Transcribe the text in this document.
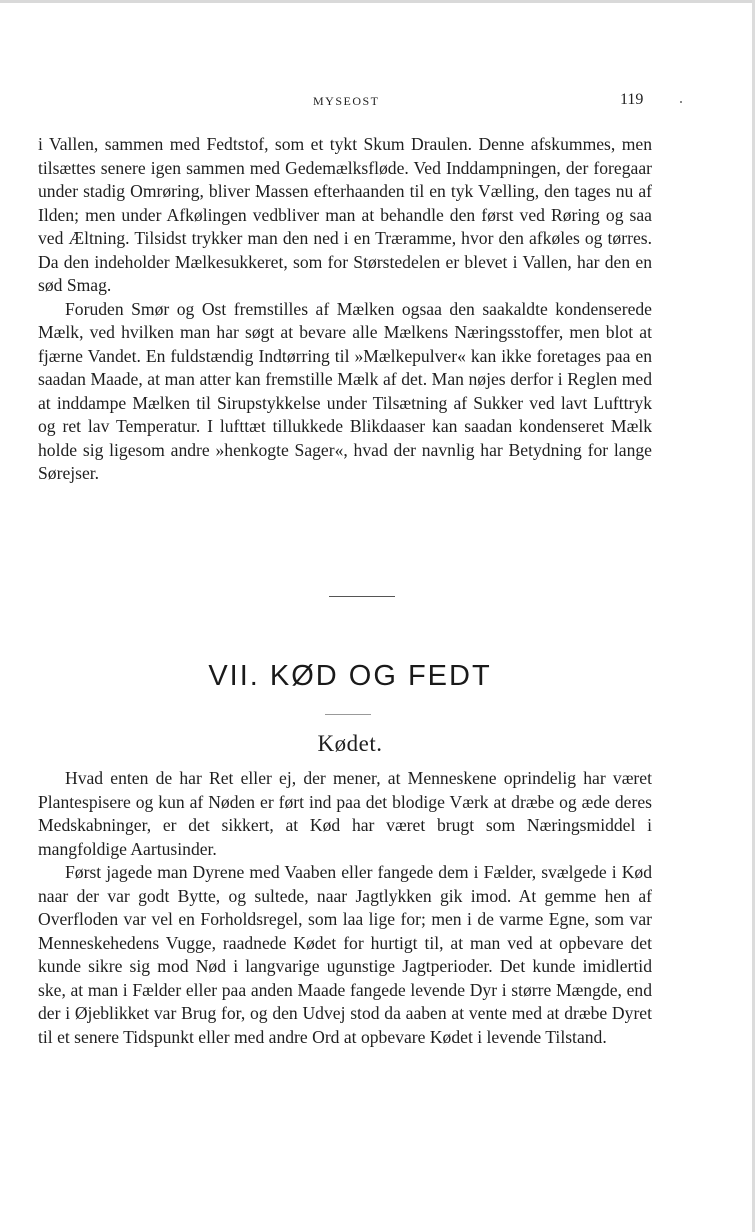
MYSEOST	119

i Vallen, sammen med Fedtstof, som et tykt Skum Draulen. Denne afskummes, men tilsættes senere igen sammen med Gedemælksfløde. Ved Inddampningen, der foregaar under stadig Omrøring, bliver Massen efterhaanden til en tyk Vælling, den tages nu af Ilden; men under Afkølingen vedbliver man at behandle den først ved Røring og saa ved Æltning. Tilsidst trykker man den ned i en Træramme, hvor den afkøles og tørres. Da den indeholder Mælkesukkeret, som for Størstedelen er blevet i Vallen, har den en sød Smag.

Foruden Smør og Ost fremstilles af Mælken ogsaa den saakaldte kondenserede Mælk, ved hvilken man har søgt at bevare alle Mælkens Næringsstoffer, men blot at fjærne Vandet. En fuldstændig Indtørring til »Mælkepulver« kan ikke foretages paa en saadan Maade, at man atter kan fremstille Mælk af det. Man nøjes derfor i Reglen med at inddampe Mælken til Sirupstykkelse under Tilsætning af Sukker ved lavt Lufttryk og ret lav Temperatur. I lufttæt tillukkede Blikdaaser kan saadan kondenseret Mælk holde sig ligesom andre »henkogte Sager«, hvad der navnlig har Betydning for lange Sørejser.

VII. KØD OG FEDT
Kødet.

Hvad enten de har Ret eller ej, der mener, at Menneskene oprindelig har været Plantespisere og kun af Nøden er ført ind paa det blodige Værk at dræbe og æde deres Medskabninger, er det sikkert, at Kød har været brugt som Næringsmiddel i mangfoldige Aartusinder.

Først jagede man Dyrene med Vaaben eller fangede dem i Fælder, svælgede i Kød naar der var godt Bytte, og sultede, naar Jagtlykken gik imod. At gemme hen af Overfloden var vel en Forholdsregel, som laa lige for; men i de varme Egne, som var Menneskehedens Vugge, raadnede Kødet for hurtigt til, at man ved at opbevare det kunde sikre sig mod Nød i langvarige ugunstige Jagtperioder. Det kunde imidlertid ske, at man i Fælder eller paa anden Maade fangede levende Dyr i større Mængde, end der i Øjeblikket var Brug for, og den Udvej stod da aaben at vente med at dræbe Dyret til et senere Tidspunkt eller med andre Ord at opbevare Kødet i levende Tilstand.
